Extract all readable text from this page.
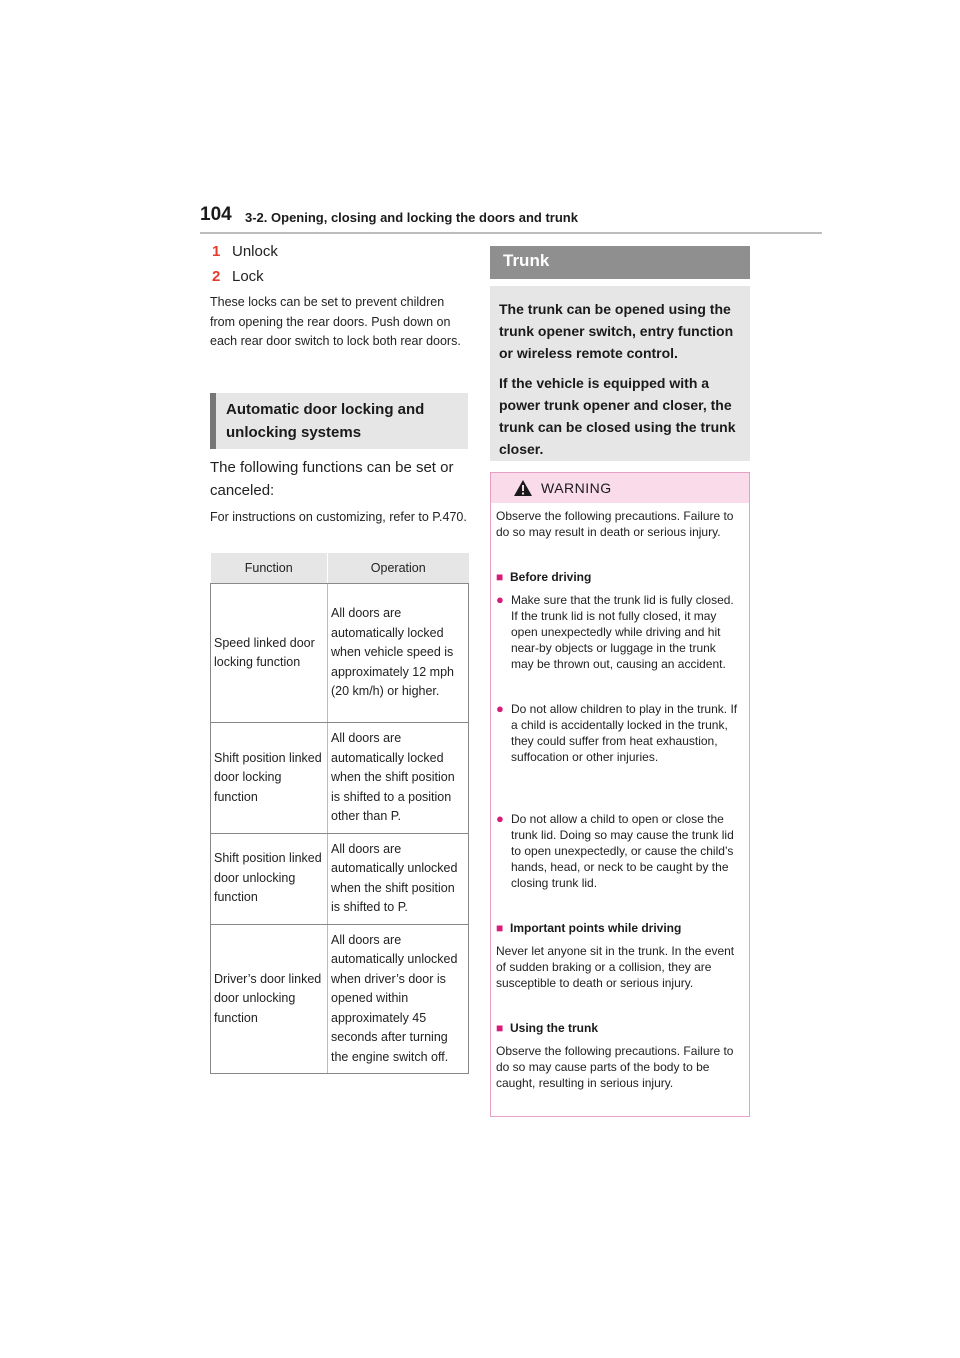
104 3-2. Opening, closing and locking the doors and trunk
1 Unlock
2 Lock
These locks can be set to prevent children from opening the rear doors. Push down on each rear door switch to lock both rear doors.
Automatic door locking and unlocking systems
The following functions can be set or canceled:
For instructions on customizing, refer to P.470.
Function	Operation
Speed linked door locking function	All doors are automatically locked when vehicle speed is approximately 12 mph (20 km/h) or higher.
Shift position linked door locking function	All doors are automatically locked when the shift position is shifted to a position other than P.
Shift position linked door unlocking function	All doors are automatically unlocked when the shift position is shifted to P.
Driver’s door linked door unlocking function	All doors are automatically unlocked when driver’s door is opened within approximately 45 seconds after turning the engine switch off.
Trunk

The trunk can be opened using the trunk opener switch, entry function or wireless remote control.

If the vehicle is equipped with a power trunk opener and closer, the trunk can be closed using the trunk closer.

WARNING
Observe the following precautions. Failure to do so may result in death or serious injury.
■ Before driving
● Make sure that the trunk lid is fully closed. If the trunk lid is not fully closed, it may open unexpectedly while driving and hit near-by objects or luggage in the trunk may be thrown out, causing an accident.
● Do not allow children to play in the trunk. If a child is accidentally locked in the trunk, they could suffer from heat exhaustion, suffocation or other injuries.
● Do not allow a child to open or close the trunk lid. Doing so may cause the trunk lid to open unexpectedly, or cause the child’s hands, head, or neck to be caught by the closing trunk lid.
■ Important points while driving
Never let anyone sit in the trunk. In the event of sudden braking or a collision, they are susceptible to death or serious injury.
■ Using the trunk
Observe the following precautions. Failure to do so may cause parts of the body to be caught, resulting in serious injury.
